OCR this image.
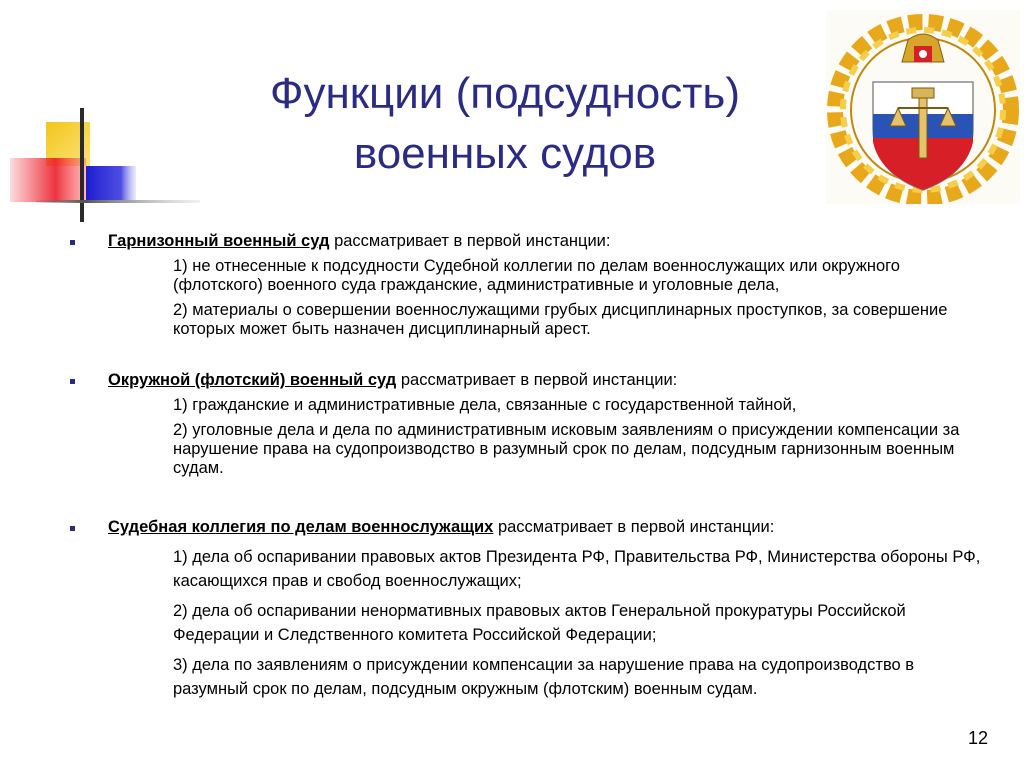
Функции (подсудность)
военных судов
Гарнизонный военный суд рассматривает в первой инстанции:
1) не отнесенные к подсудности Судебной коллегии по делам военнослужащих или окружного (флотского) военного суда гражданские, административные и уголовные дела,
2) материалы о совершении военнослужащими грубых дисциплинарных проступков, за совершение которых может быть назначен дисциплинарный арест.
Окружной (флотский) военный суд рассматривает в первой инстанции:
1) гражданские и административные дела, связанные с государственной тайной,
2) уголовные дела и дела по административным исковым заявлениям о присуждении компенсации за нарушение права на судопроизводство в разумный срок по делам, подсудным гарнизонным военным судам.
Судебная коллегия по делам военнослужащих рассматривает в первой инстанции:
1) дела об оспаривании правовых актов Президента РФ, Правительства РФ, Министерства обороны РФ, касающихся прав и свобод военнослужащих;
2) дела об оспаривании ненормативных правовых актов Генеральной прокуратуры Российской Федерации и Следственного комитета Российской Федерации;
3) дела по заявлениям о присуждении компенсации за нарушение права на судопроизводство в разумный срок по делам, подсудным окружным (флотским) военным судам.
12
